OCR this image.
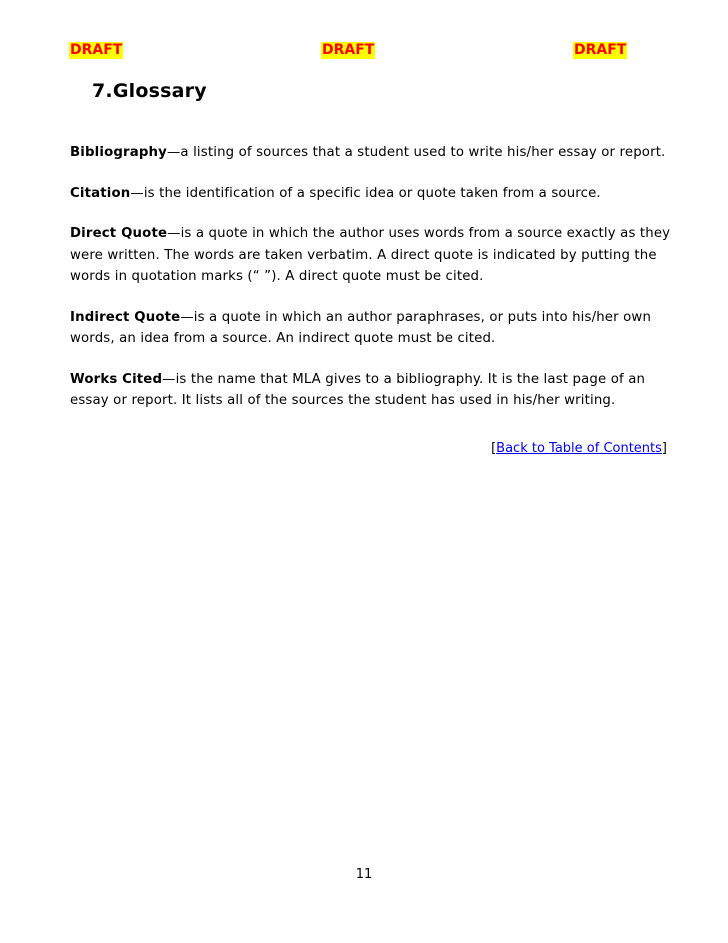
DRAFT	DRAFT	DRAFT
7.Glossary

Bibliography—a listing of sources that a student used to write his/her essay or report.

Citation—is the identification of a specific idea or quote taken from a source.

Direct Quote—is a quote in which the author uses words from a source exactly as they were written. The words are taken verbatim. A direct quote is indicated by putting the words in quotation marks (“ ”). A direct quote must be cited.

Indirect Quote—is a quote in which an author paraphrases, or puts into his/her own words, an idea from a source. An indirect quote must be cited.

Works Cited—is the name that MLA gives to a bibliography. It is the last page of an essay or report. It lists all of the sources the student has used in his/her writing.

[Back to Table of Contents]
11
